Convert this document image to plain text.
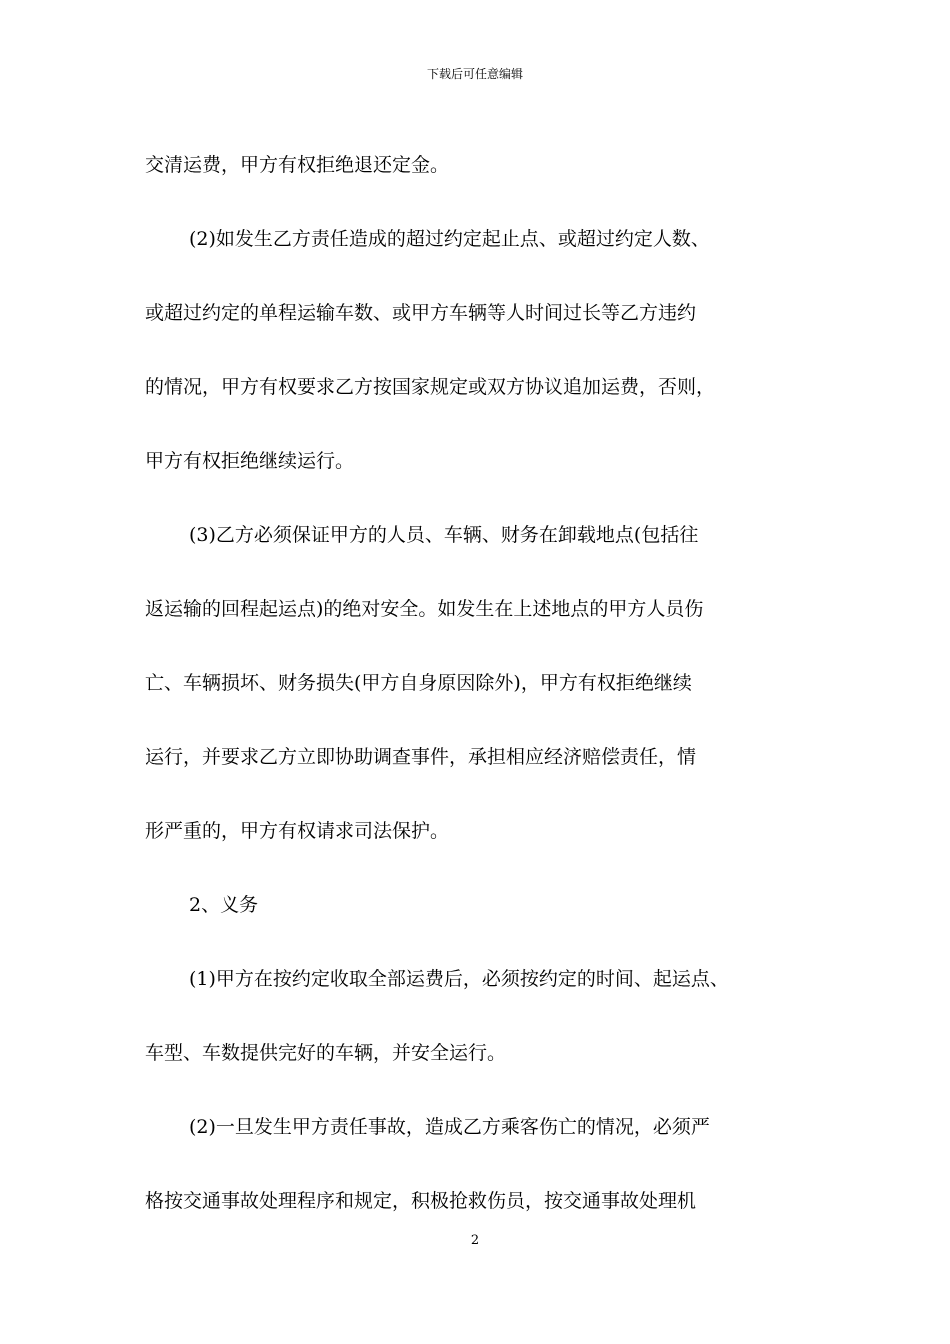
下载后可任意编辑
交清运费，甲方有权拒绝退还定金。
(2)如发生乙方责任造成的超过约定起止点、或超过约定人数、
或超过约定的单程运输车数、或甲方车辆等人时间过长等乙方违约
的情况，甲方有权要求乙方按国家规定或双方协议追加运费，否则，
甲方有权拒绝继续运行。
(3)乙方必须保证甲方的人员、车辆、财务在卸载地点(包括往
返运输的回程起运点)的绝对安全。如发生在上述地点的甲方人员伤
亡、车辆损坏、财务损失(甲方自身原因除外)，甲方有权拒绝继续
运行，并要求乙方立即协助调查事件，承担相应经济赔偿责任，情
形严重的，甲方有权请求司法保护。
2、义务
(1)甲方在按约定收取全部运费后，必须按约定的时间、起运点、
车型、车数提供完好的车辆，并安全运行。
(2)一旦发生甲方责任事故，造成乙方乘客伤亡的情况，必须严
格按交通事故处理程序和规定，积极抢救伤员，按交通事故处理机
2
